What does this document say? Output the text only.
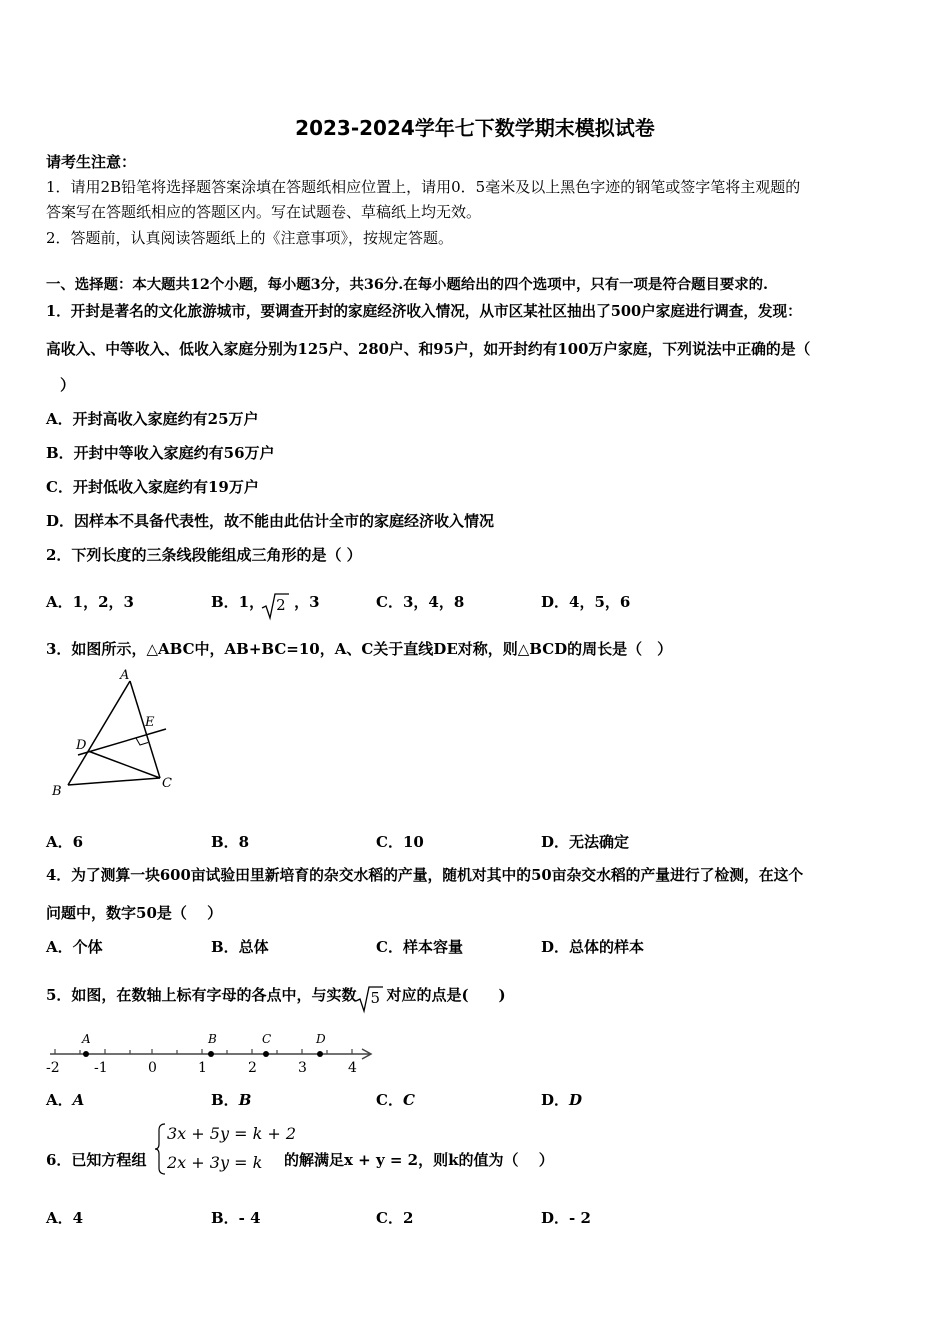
2023-2024学年七下数学期末模拟试卷
请考生注意：
1．请用2B铅笔将选择题答案涂填在答题纸相应位置上，请用0．5毫米及以上黑色字迹的钢笔或签字笔将主观题的
答案写在答题纸相应的答题区内。写在试题卷、草稿纸上均无效。
2．答题前，认真阅读答题纸上的《注意事项》，按规定答题。
一、选择题：本大题共12个小题，每小题3分，共36分.在每小题给出的四个选项中，只有一项是符合题目要求的.
1．开封是著名的文化旅游城市，要调查开封的家庭经济收入情况，从市区某社区抽出了500户家庭进行调查，发现：
高收入、中等收入、低收入家庭分别为125户、280户、和95户，如开封约有100万户家庭，下列说法中正确的是（
）
A．开封高收入家庭约有25万户
B．开封中等收入家庭约有56万户
C．开封低收入家庭约有19万户
D．因样本不具备代表性，故不能由此估计全市的家庭经济收入情况
2．下列长度的三条线段能组成三角形的是（ ）
A．1，2，3	B．1， 2 ，3	C．3，4，8	D．4，5，6
3．如图所示，△ABC中，AB+BC=10，A、C关于直线DE对称，则△BCD的周长是（　）
A
B
C
D
E
A．6	B．8	C．10	D．无法确定
4．为了测算一块600亩试验田里新培育的杂交水稻的产量，随机对其中的50亩杂交水稻的产量进行了检测，在这个
问题中，数字50是（　 ）
A．个体	B．总体	C．样本容量	D．总体的样本
5．如图，在数轴上标有字母的各点中，与实数 5 对应的点是(　　)
-2 -1	0	1	2	3	4
A	B	C	D
A．A	B．B	C．C	D．D
6．已知方程组
3x + 5y = k + 2
2x + 3y = k 的解满足x + y = 2，则k的值为（　 ）
A．4	B．- 4	C．2	D．- 2
